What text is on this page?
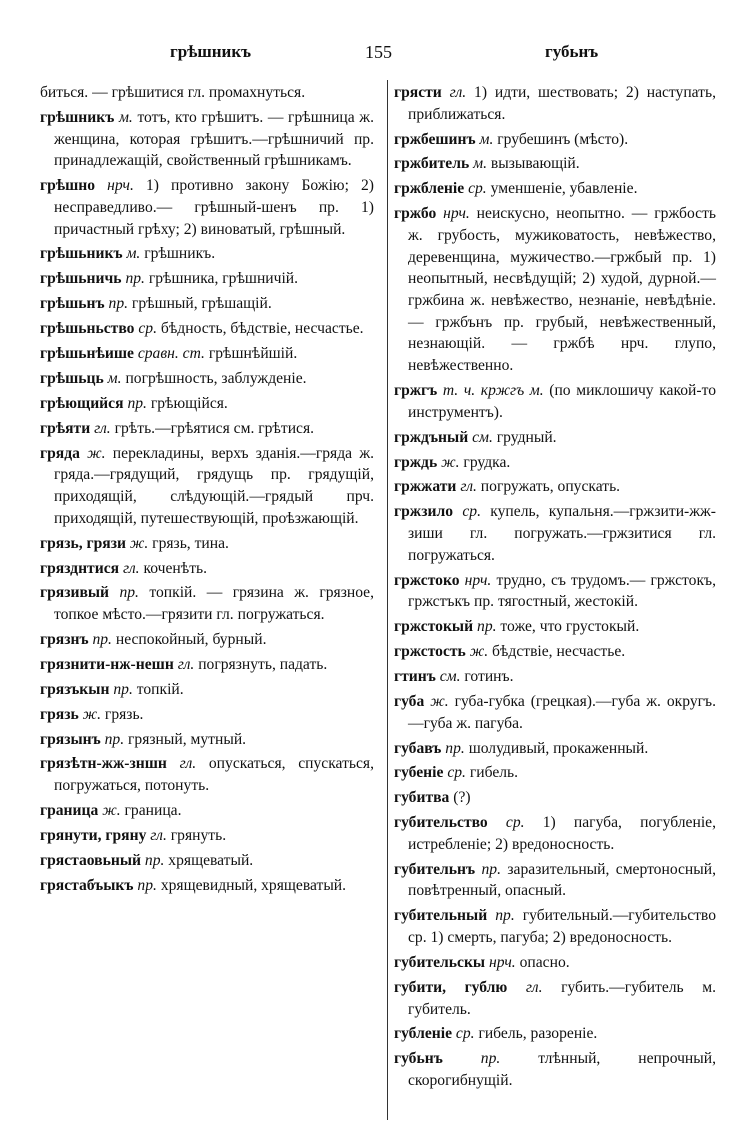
грѣшникъ	155	губьнъ
биться. — грѣшитися гл. промахнуться.
грѣшникъ м. тотъ, кто грѣшитъ. — грѣшница ж. женщина, которая грѣшитъ.—грѣшничий пр. принадлежащій, свойственный грѣшникамъ.
грѣшно нрч. 1) противно закону Божію; 2) несправедливо.— грѣшный-шенъ пр. 1) причастный грѣху; 2) виноватый, грѣшный.
грѣшьникъ м. грѣшникъ.
грѣшьничь пр. грѣшника, грѣшничій.
грѣшьнъ пр. грѣшный, грѣшащій.
грѣшьньство ср. бѣдность, бѣдствіе, несчастье.
грѣшьнѣише сравн. ст. грѣшнѣйшій.
грѣшьць м. погрѣшность, заблужденіе.
грѣющийся пр. грѣющійся.
грѣяти гл. грѣть.—грѣятися см. грѣтися.
гряда ж. перекладины, верхъ зданія.—гряда ж. гряда.—грядущий, грядущь пр. грядущій, приходящій, слѣдующій.—грядый прч. приходящій, путешествующій, проѣзжающій.
грязь, грязи ж. грязь, тина.
грязднтися гл. коченѣть.
грязивый пр. топкій. — грязина ж. грязное, топкое мѣсто.—грязити гл. погружаться.
грязнъ пр. неспокойный, бурный.
грязнити-нж-нешн гл. погрязнуть, падать.
грязъкын пр. топкій.
грязь ж. грязь.
грязынъ пр. грязный, мутный.
грязѣтн-жж-зншн гл. опускаться, спускаться, погружаться, потонуть.
граница ж. граница.
грянути, гряну гл. грянуть.
грястаовьный пр. хрящеватый.
грястабъыкъ пр. хрящевидный, хрящеватый.
грясти гл. 1) идти, шествовать; 2) наступать, приближаться.
гржбешинъ м. грубешинъ (мѣсто).
гржбитель м. вызывающій.
гржбленіе ср. уменшеніе, убавленіе.
гржбо нрч. неискусно, неопытно. — гржбость ж. грубость, мужиковатость, невѣжество, деревенщина, мужичество.—гржбый пр. 1) неопытный, несвѣдущій; 2) худой, дурной.—гржбина ж. невѣжество, незнаніе, невѣдѣніе. — гржбънъ пр. грубый, невѣжественный, незнающій. — гржбѣ нрч. глупо, невѣжественно.
гржгъ т. ч. кржгъ м. (по миклошичу какой-то инструментъ).
грждъный см. грудный.
грждь ж. грудка.
гржжати гл. погружать, опускать.
гржзило ср. купель, купальня.—гржзити-жж-зиши гл. погружать.—гржзитися гл. погружаться.
гржстоко нрч. трудно, съ трудомъ.— гржстокъ, гржстъкъ пр. тягостный, жестокій.
гржстокый пр. тоже, что грустокый.
гржстость ж. бѣдствіе, несчастье.
гтинъ см. готинъ.
губа ж. губа-губка (грецкая).—губа ж. округъ.—губа ж. пагуба.
губавъ пр. шолудивый, прокаженный.
губеніе ср. гибель.
губитва (?)
губительство ср. 1) пагуба, погубленіе, истребленіе; 2) вредоносность.
губительнъ пр. заразительный, смертоносный, повѣтренный, опасный.
губительный пр. губительный.—губительство ср. 1) смерть, пагуба; 2) вредоносность.
губительскы нрч. опасно.
губити, гублю гл. губить.—губитель м. губитель.
губленіе ср. гибель, разореніе.
губьнъ пр. тлѣнный, непрочный, скорогибнущій.
